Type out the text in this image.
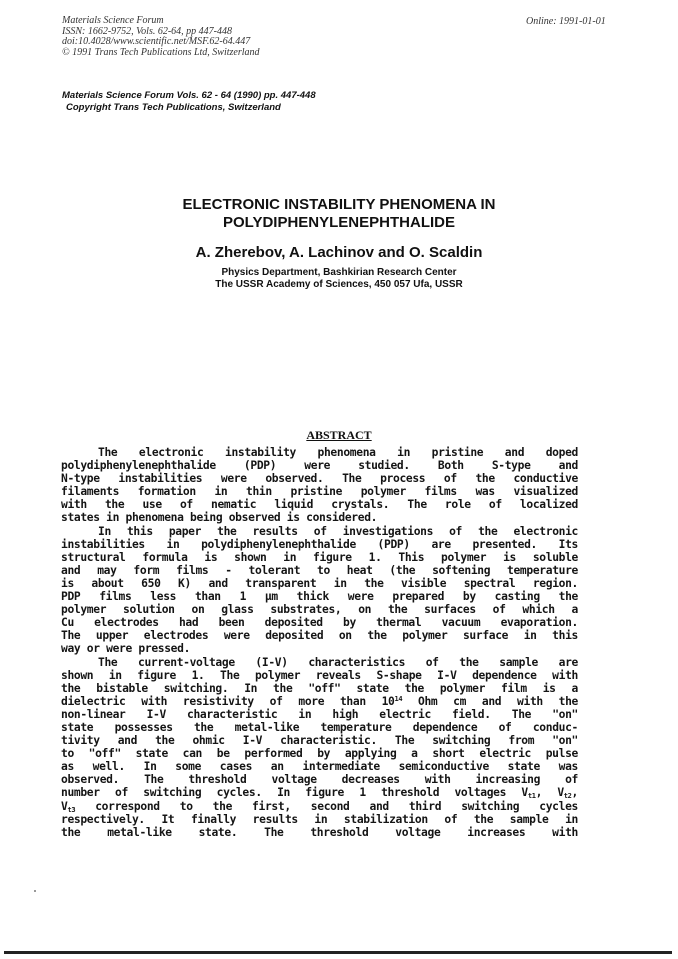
Materials Science Forum
ISSN: 1662-9752, Vols. 62-64, pp 447-448
doi:10.4028/www.scientific.net/MSF.62-64.447
© 1991 Trans Tech Publications Ltd, Switzerland
Online: 1991-01-01
Materials Science Forum Vols. 62 - 64 (1990) pp. 447-448
Copyright Trans Tech Publications, Switzerland
ELECTRONIC INSTABILITY PHENOMENA IN
POLYDIPHENYLENEPHTHALIDE
A. Zherebov, A. Lachinov and O. Scaldin
Physics Department, Bashkirian Research Center
The USSR Academy of Sciences, 450 057 Ufa, USSR
ABSTRACT
The electronic instability phenomena in pristine and doped
polydiphenylenephthalide (PDP) were studied. Both S-type and
N-type instabilities were observed. The process of the conductive
filaments formation in thin pristine polymer films was visualized
with the use of nematic liquid crystals. The role of localized
states in phenomena being observed is considered.
In this paper the results of investigations of the electronic
instabilities in polydiphenylenephthalide (PDP) are presented. Its
structural formula is shown in figure 1. This polymer is soluble
and may form films - tolerant to heat (the softening temperature
is about 650 K) and transparent in the visible spectral region.
PDP films less than 1 μm thick were prepared by casting the
polymer solution on glass substrates, on the surfaces of which a
Cu electrodes had been deposited by thermal vacuum evaporation.
The upper electrodes were deposited on the polymer surface in this
way or were pressed.
The current-voltage (I-V) characteristics of the sample are
shown in figure 1. The polymer reveals S-shape I-V dependence with
the bistable switching. In the "off" state the polymer film is a
dielectric with resistivity of more than $10^{14}$ Ohm cm and with the
non-linear I-V characteristic in high electric field. The "on"
state possesses the metal-like temperature dependence of conduc-
tivity and the ohmic I-V characteristic. The switching from "on"
to "off" state can be performed by applying a short electric pulse
as well. In some cases an intermediate semiconductive state was
observed. The threshold voltage decreases with increasing of
number of switching cycles. In figure 1 threshold voltages $V_{t1}$, $V_{t2}$,
$V_{t3}$ correspond to the first, second and third switching cycles
respectively. It finally results in stabilization of the sample in
the metal-like state. The threshold voltage increases with
